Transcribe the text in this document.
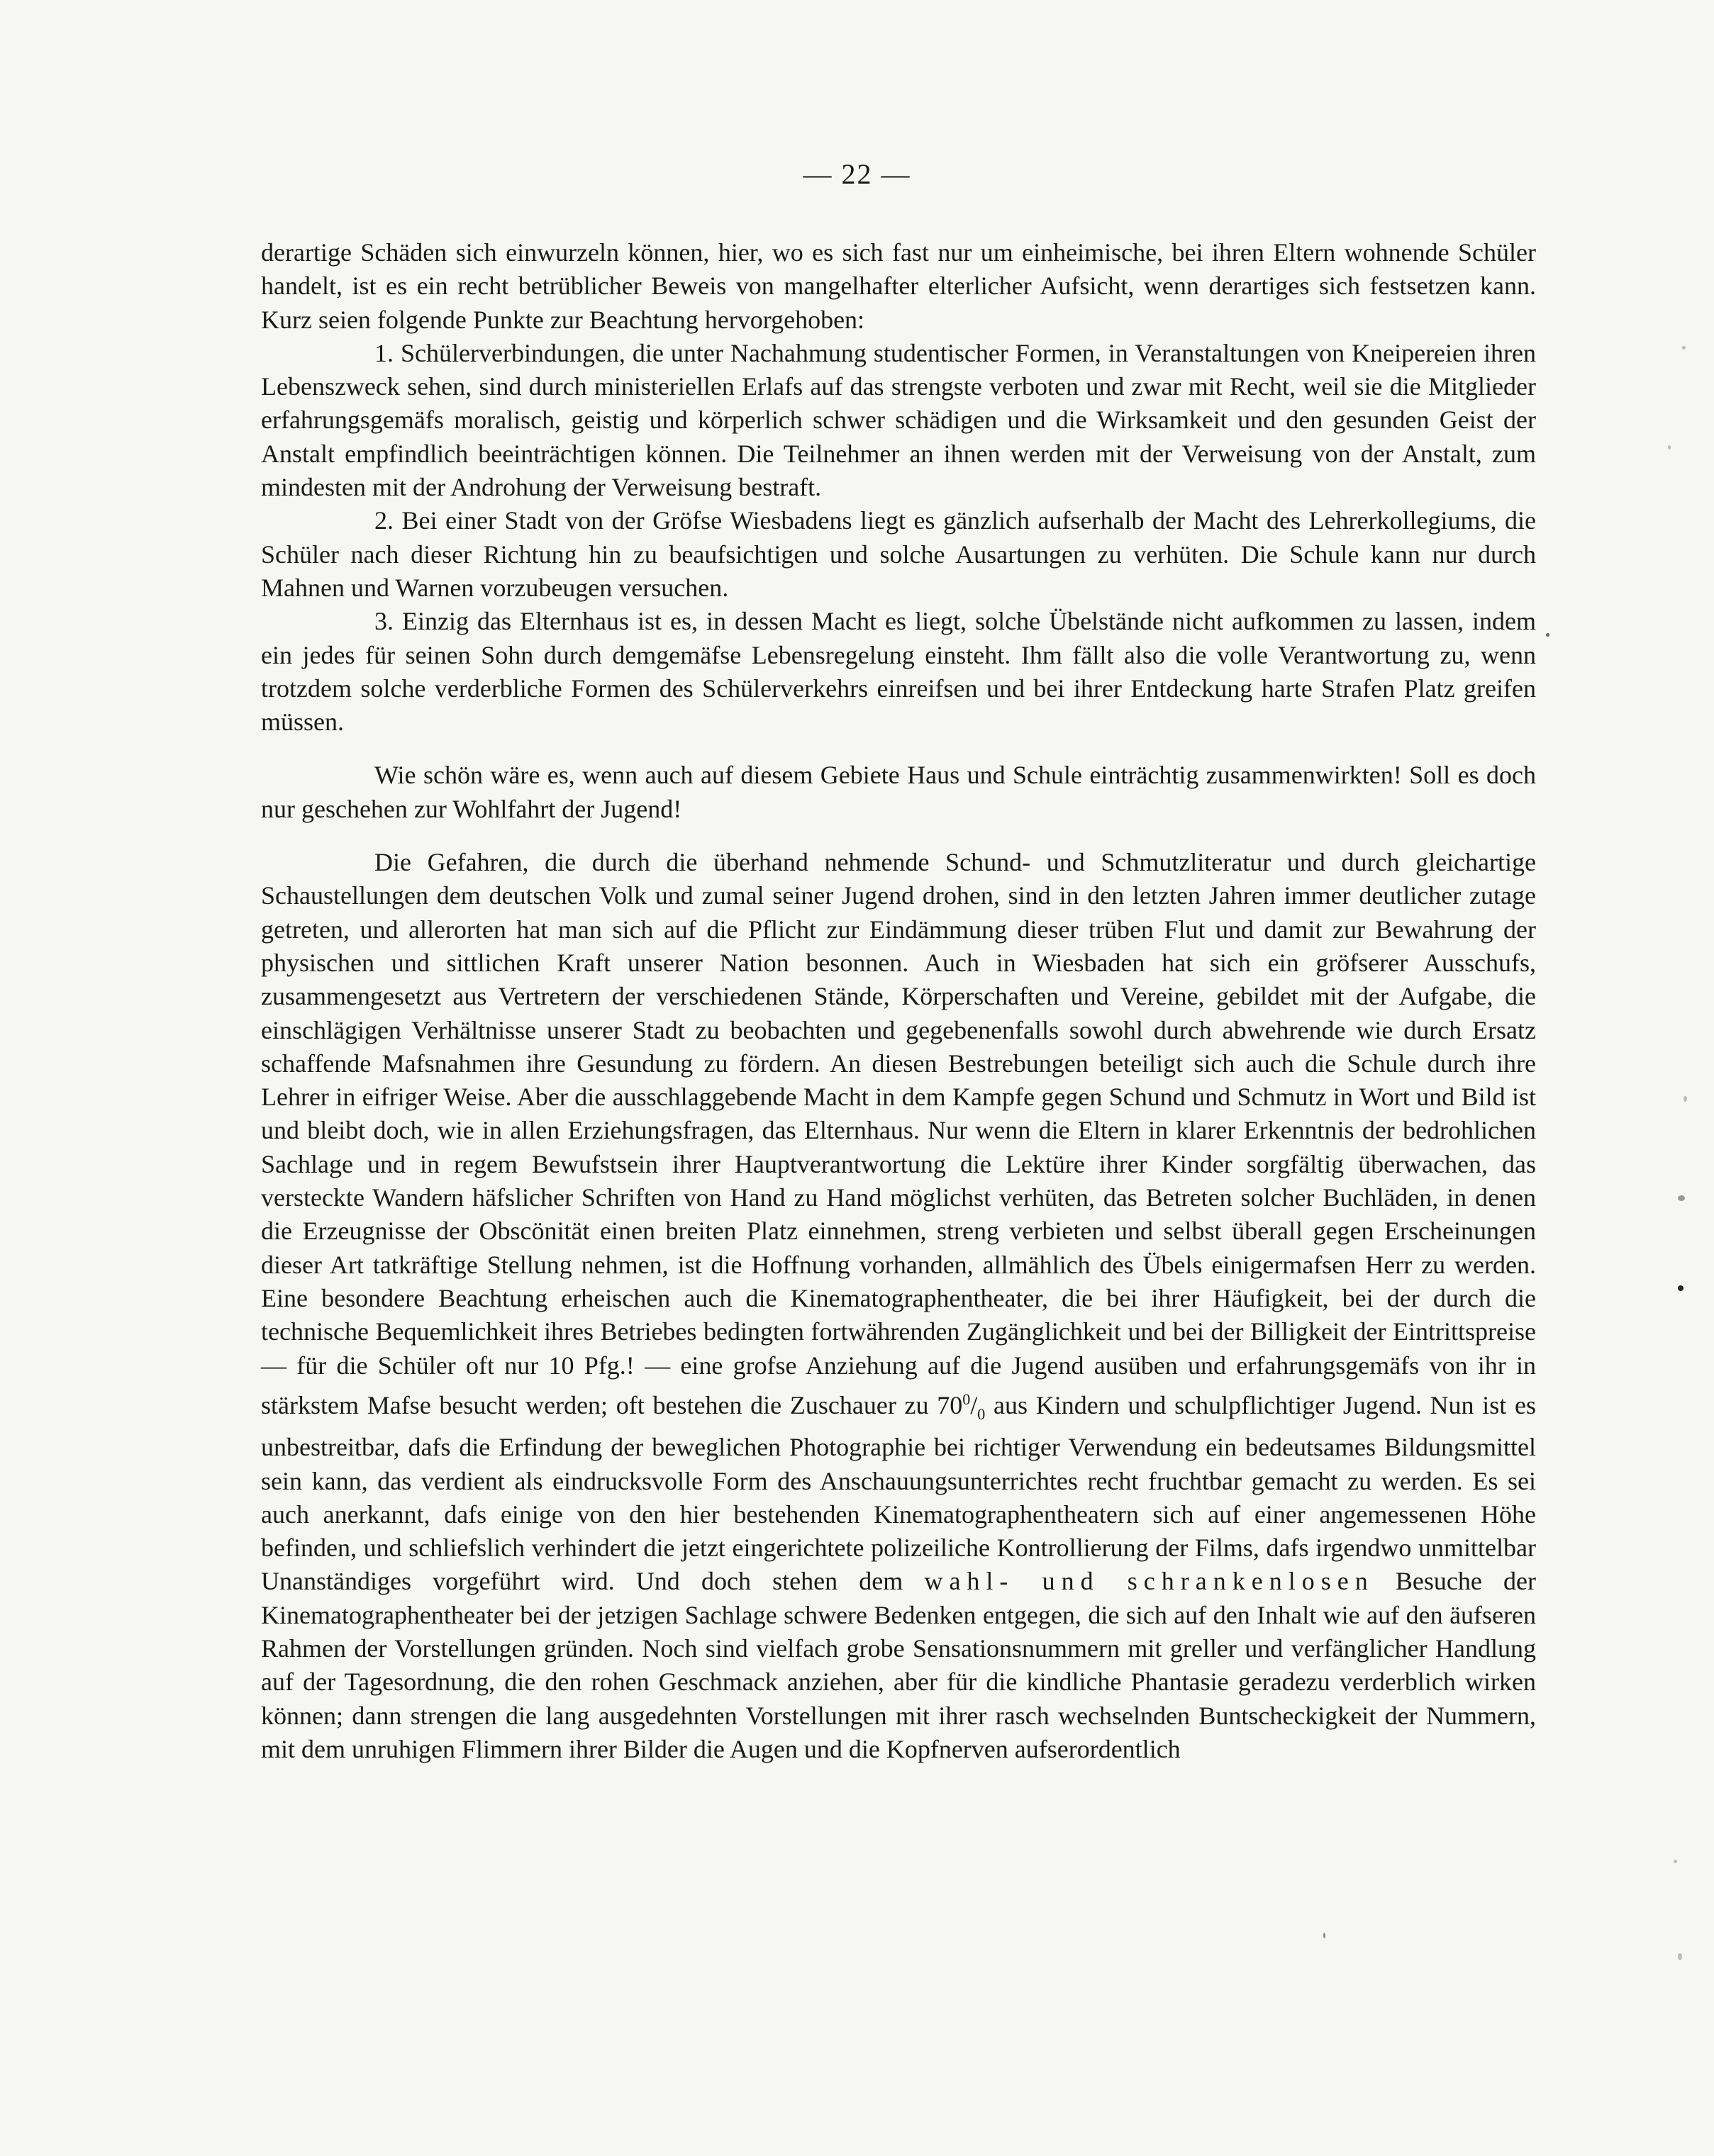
— 22 —

derartige Schäden sich einwurzeln können, hier, wo es sich fast nur um einheimische, bei ihren Eltern wohnende Schüler handelt, ist es ein recht betrüblicher Beweis von mangelhafter elterlicher Aufsicht, wenn derartiges sich festsetzen kann. Kurz seien folgende Punkte zur Beachtung hervorgehoben:

1. Schülerverbindungen, die unter Nachahmung studentischer Formen, in Veranstaltungen von Kneipereien ihren Lebenszweck sehen, sind durch ministeriellen Erlafs auf das strengste verboten und zwar mit Recht, weil sie die Mitglieder erfahrungsgemäfs moralisch, geistig und körperlich schwer schädigen und die Wirksamkeit und den gesunden Geist der Anstalt empfindlich beeinträchtigen können. Die Teilnehmer an ihnen werden mit der Verweisung von der Anstalt, zum mindesten mit der Androhung der Verweisung bestraft.

2. Bei einer Stadt von der Gröfse Wiesbadens liegt es gänzlich aufserhalb der Macht des Lehrerkollegiums, die Schüler nach dieser Richtung hin zu beaufsichtigen und solche Ausartungen zu verhüten. Die Schule kann nur durch Mahnen und Warnen vorzubeugen versuchen.

3. Einzig das Elternhaus ist es, in dessen Macht es liegt, solche Übelstände nicht aufkommen zu lassen, indem ein jedes für seinen Sohn durch demgemäfse Lebensregelung einsteht. Ihm fällt also die volle Verantwortung zu, wenn trotzdem solche verderbliche Formen des Schülerverkehrs einreifsen und bei ihrer Entdeckung harte Strafen Platz greifen müssen.

Wie schön wäre es, wenn auch auf diesem Gebiete Haus und Schule einträchtig zusammenwirkten! Soll es doch nur geschehen zur Wohlfahrt der Jugend!

Die Gefahren, die durch die überhand nehmende Schund- und Schmutzliteratur und durch gleichartige Schaustellungen dem deutschen Volk und zumal seiner Jugend drohen, sind in den letzten Jahren immer deutlicher zutage getreten, und allerorten hat man sich auf die Pflicht zur Eindämmung dieser trüben Flut und damit zur Bewahrung der physischen und sittlichen Kraft unserer Nation besonnen. Auch in Wiesbaden hat sich ein gröfserer Ausschufs, zusammengesetzt aus Vertretern der verschiedenen Stände, Körperschaften und Vereine, gebildet mit der Aufgabe, die einschlägigen Verhältnisse unserer Stadt zu beobachten und gegebenenfalls sowohl durch abwehrende wie durch Ersatz schaffende Mafsnahmen ihre Gesundung zu fördern. An diesen Bestrebungen beteiligt sich auch die Schule durch ihre Lehrer in eifriger Weise. Aber die ausschlaggebende Macht in dem Kampfe gegen Schund und Schmutz in Wort und Bild ist und bleibt doch, wie in allen Erziehungsfragen, das Elternhaus. Nur wenn die Eltern in klarer Erkenntnis der bedrohlichen Sachlage und in regem Bewufstsein ihrer Hauptverantwortung die Lektüre ihrer Kinder sorgfältig überwachen, das versteckte Wandern häfslicher Schriften von Hand zu Hand möglichst verhüten, das Betreten solcher Buchläden, in denen die Erzeugnisse der Obscönität einen breiten Platz einnehmen, streng verbieten und selbst überall gegen Erscheinungen dieser Art tatkräftige Stellung nehmen, ist die Hoffnung vorhanden, allmählich des Übels einigermafsen Herr zu werden. Eine besondere Beachtung erheischen auch die Kinematographentheater, die bei ihrer Häufigkeit, bei der durch die technische Bequemlichkeit ihres Betriebes bedingten fortwährenden Zugänglichkeit und bei der Billigkeit der Eintrittspreise — für die Schüler oft nur 10 Pfg.! — eine grofse Anziehung auf die Jugend ausüben und erfahrungsgemäfs von ihr in stärkstem Mafse besucht werden; oft bestehen die Zuschauer zu $70^0/_0$ aus Kindern und schulpflichtiger Jugend. Nun ist es unbestreitbar, dafs die Erfindung der beweglichen Photographie bei richtiger Verwendung ein bedeutsames Bildungsmittel sein kann, das verdient als eindrucksvolle Form des Anschauungsunterrichtes recht fruchtbar gemacht zu werden. Es sei auch anerkannt, dafs einige von den hier bestehenden Kinematographentheatern sich auf einer angemessenen Höhe befinden, und schliefslich verhindert die jetzt eingerichtete polizeiliche Kontrollierung der Films, dafs irgendwo unmittelbar Unanständiges vorgeführt wird. Und doch stehen dem wahl- und schrankenlosen Besuche der Kinematographentheater bei der jetzigen Sachlage schwere Bedenken entgegen, die sich auf den Inhalt wie auf den äufseren Rahmen der Vorstellungen gründen. Noch sind vielfach grobe Sensationsnummern mit greller und verfänglicher Handlung auf der Tagesordnung, die den rohen Geschmack anziehen, aber für die kindliche Phantasie geradezu verderblich wirken können; dann strengen die lang ausgedehnten Vorstellungen mit ihrer rasch wechselnden Buntscheckigkeit der Nummern, mit dem unruhigen Flimmern ihrer Bilder die Augen und die Kopfnerven aufserordentlich
